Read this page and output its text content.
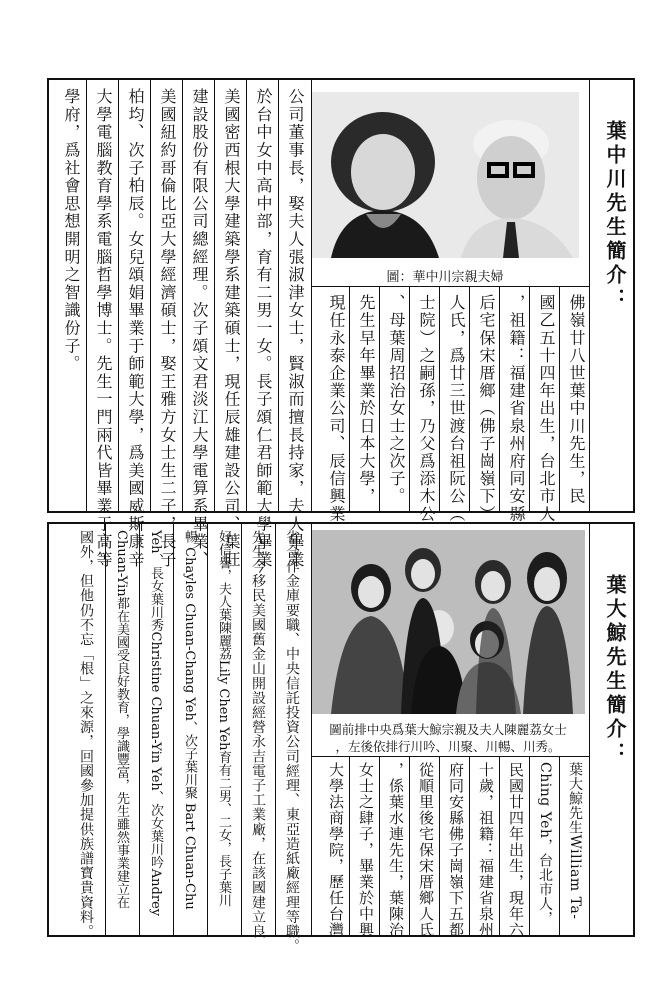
葉中川先生簡介：
圖：華中川宗親夫婦
佛嶺廿八世葉中川先生，民
國乙五十四年出生，台北市人
，祖籍：福建省泉州府同安縣
后宅保宋厝鄉（佛子崗嶺下）
人氏，爲廿三世渡台祖阮公（
士院）之嗣孫，乃父爲添木公
、母葉周招治女士之次子。
先生早年畢業於日本大學，
現任永泰企業公司、辰信興業
公司董事長，娶夫人張淑津女士，賢淑而擅長持家，夫人畢業
於台中女中高中部，育有二男一女。長子頌仁君師範大學畢業
美國密西根大學建築學系建築碩士，現任辰雄建設公司、葉旺
建設股份有限公司總經理。次子頌文君淡江大學電算系畢業、
美國紐約哥倫比亞大學經濟碩士，娶王雅方女士生二子，長子
柏均、次子柏辰。女兒頌娟畢業于師範大學，爲美國威斯康辛
大學電腦教育學系電腦哲學博士。先生一門兩代皆畢業于高等
學府，爲社會思想開明之智識份子。
葉大鯨先生簡介：
圖前排中央爲葉大鯨宗親及夫人陳麗荔女士
，左後依排行川吟、川聚、川暢、川秀。
葉大鯨先生William Ta-
Ching Yeh，台北市人，
民國廿四年出生，現年六
十歲，祖籍：福建省泉州
府同安縣佛子崗嶺下五都
從順里後宅保宋厝鄉人氏
，係葉水連先生，葉陳治
女士之肆子，畢業於中興
大學法商學院，歷任台灣
省合作金庫要職、中央信託投資公司經理、東亞造紙廠經理等職。
先生今移民美國舊金山開設經營永吉電子工業廠，在該國建立良
好信譽，夫人葉陳麗荔Lily Chen Yeh育有二男、二女，長子葉川
暢 Chayles Chuan-Chang Yeh、次子葉川聚 Bart Chuan-Chu
Yeh、長女葉川秀Christine Chuan-Yin Yeh、次女葉川吟Andrey
Chuan-Yin都在美國受良好教育，學識豐富，先生雖然事業建立在
國外，但他仍不忘「根」之來源，回國參加提供族譜寶貴資料。
